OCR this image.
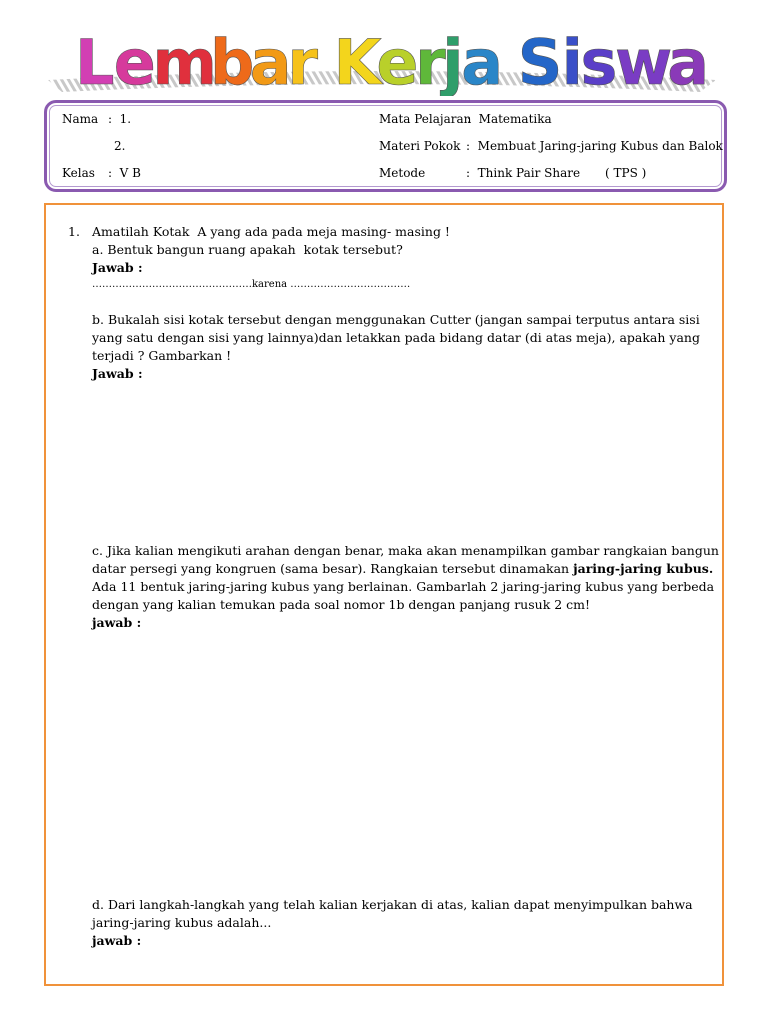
L e
m
b
a
r K
e
r
j
a S i
s
w
a
Nama :  1.
2.
Kelas :  V B
Mata Pelajaran
:  Matematika
Materi Pokok :  Membuat Jaring-jaring Kubus dan Balok
Metode	:  Think Pair Share ( TPS )
1. Amatilah Kotak  A yang ada pada meja masing- masing !
a. Bentuk bangun ruang apakah  kotak tersebut?
Jawab :
…………………………………………karena ………………………………
b. Bukalah sisi kotak tersebut dengan menggunakan Cutter (jangan sampai terputus antara sisi
yang satu dengan sisi yang lainnya)dan letakkan pada bidang datar (di atas meja), apakah yang
terjadi ? Gambarkan !
Jawab :
c. Jika kalian mengikuti arahan dengan benar, maka akan menampilkan gambar rangkaian bangun
datar persegi yang kongruen (sama besar). Rangkaian tersebut dinamakan jaring-jaring kubus.
Ada 11 bentuk jaring-jaring kubus yang berlainan. Gambarlah 2 jaring-jaring kubus yang berbeda
dengan yang kalian temukan pada soal nomor 1b dengan panjang rusuk 2 cm!
jawab :
d. Dari langkah-langkah yang telah kalian kerjakan di atas, kalian dapat menyimpulkan bahwa
jaring-jaring kubus adalah...
jawab :
